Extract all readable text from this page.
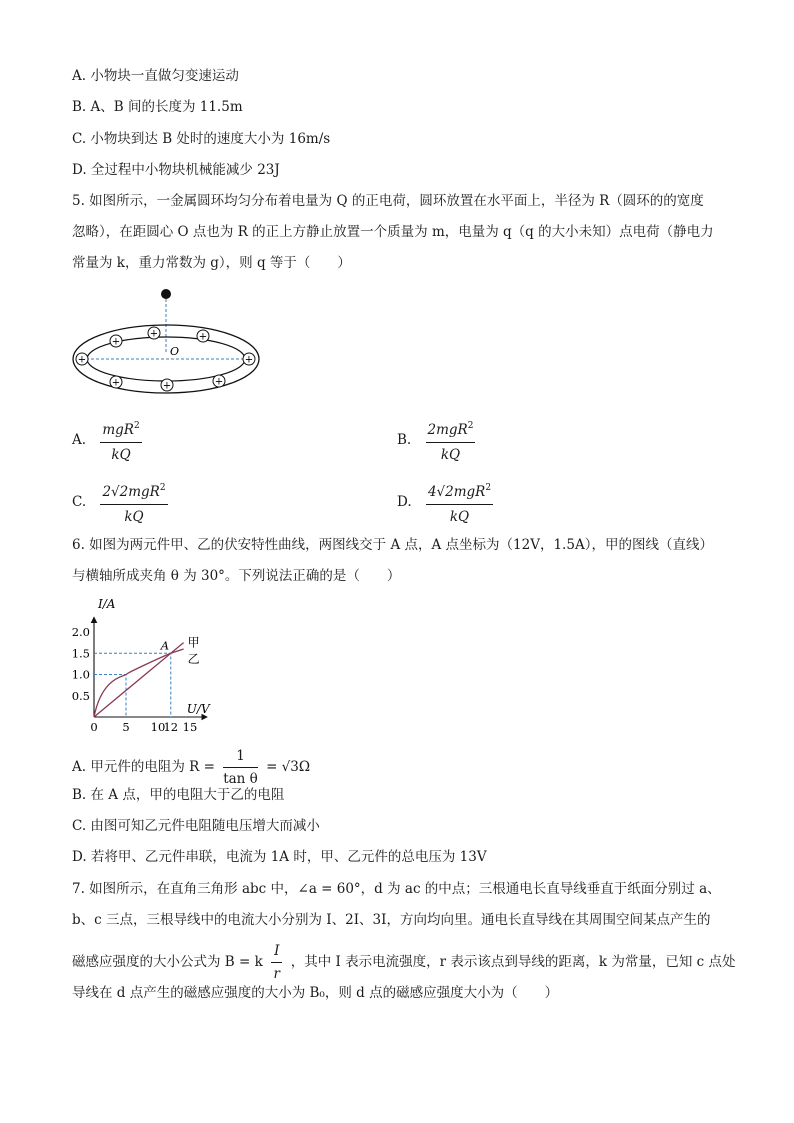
A. 小物块一直做匀变速运动
B. A、B 间的长度为 11.5m
C. 小物块到达 B 处时的速度大小为 16m/s
D. 全过程中小物块机械能减少 23J
5. 如图所示，一金属圆环均匀分布着电量为 Q 的正电荷，圆环放置在水平面上，半径为 R（圆环的的宽度
忽略），在距圆心 O 点也为 R 的正上方静止放置一个质量为 m，电量为 q（q 的大小未知）点电荷（静电力
常量为 k，重力常数为 g），则 q 等于（　　）
O
+	+
+
+	+
+	+	+
A. $\frac{mgR^2}{kQ}$	B. $\frac{2mgR^2}{kQ}$
C. $\frac{2√2mgR^2}{kQ}$	D. $\frac{4√2mgR^2}{kQ}$
6. 如图为两元件甲、乙的伏安特性曲线，两图线交于 A 点，A 点坐标为（12V，1.5A），甲的图线（直线）
与横轴所成夹角 θ 为 30°。下列说法正确的是（　　）
I/A
U/V
0 5 10
12 15
0.5
1.0
1.5
2.0
A 甲
乙
A. 甲元件的电阻为 $R = \frac{1}{\text{tan θ}} = √3\Omega$
B. 在 A 点，甲的电阻大于乙的电阻
C. 由图可知乙元件电阻随电压增大而减小
D. 若将甲、乙元件串联，电流为 1A 时，甲、乙元件的总电压为 13V
7. 如图所示，在直角三角形 abc 中，∠a = 60°，d 为 ac 的中点；三根通电长直导线垂直于纸面分别过 a、
b、c 三点，三根导线中的电流大小分别为 I、2I、3I，方向均向里。通电长直导线在其周围空间某点产生的
磁感应强度的大小公式为 B = k $\frac{I}{r}$ ，其中 I 表示电流强度，r 表示该点到导线的距离，k 为常量，已知 c 点处
导线在 d 点产生的磁感应强度的大小为 B₀，则 d 点的磁感应强度大小为（　　）
